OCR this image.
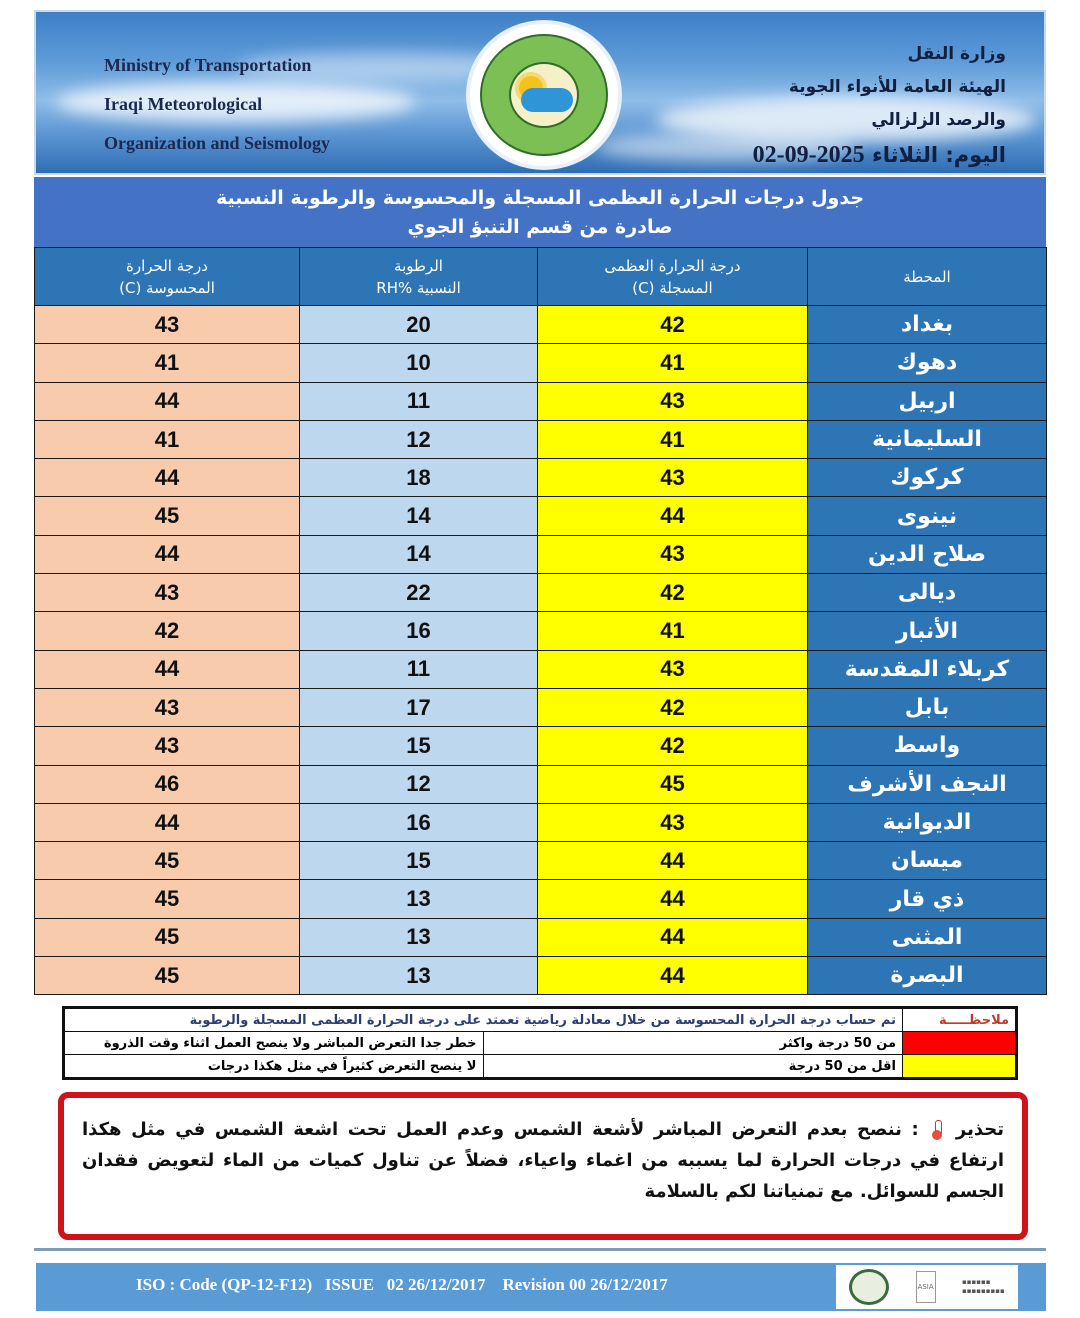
Ministry of Transportation
Iraqi Meteorological
Organization and Seismology
وزارة النقل
الهيئة العامة للأنواء الجوية
والرصد الزلزالي
اليوم: الثلاثاء 2025-09-02
جدول درجات الحرارة العظمى المسجلة والمحسوسة والرطوبة النسبية
صادرة من قسم التنبؤ الجوي
المحطة	
درجة الحرارة العظمى
المسجلة (C)

الرطوبة
النسبية %RH

درجة الحرارة
المحسوسة (C)

بغداد	42	20	43
دهوك	41	10	41
اربيل	43	11	44
السليمانية	41	12	41
كركوك	43	18	44
نينوى	44	14	45
صلاح الدين	43	14	44
ديالى	42	22	43
الأنبار	41	16	42
كربلاء المقدسة	43	11	44
بابل	42	17	43
واسط	42	15	43
النجف الأشرف	45	12	46
الديوانية	43	16	44
ميسان	44	15	45
ذي قار	44	13	45
المثنى	44	13	45
البصرة	44	13	45
ملاحظـــــة	تم حساب درجة الحرارة المحسوسة من خلال معادلة رياضية تعمتد على درجة الحرارة العظمى المسجلة والرطوبة	
	من 50 درجة واكثر	خطر جدا التعرض المباشر ولا ينصح العمل اثناء وقت الذروة
	اقل من 50 درجة	لا ينصح التعرض كثيراً في مثل هكذا درجات
تحذير
: ننصح بعدم التعرض المباشر لأشعة الشمس وعدم العمل تحت اشعة الشمس في مثل هكذا ارتفاع في درجات الحرارة لما يسببه من اغماء واعياء، فضلاً عن تناول كميات من الماء لتعويض فقدان الجسم للسوائل. مع تمنياتنا لكم بالسلامة
ISO : Code (QP-12-F12)   ISSUE   02 26/12/2017    Revision 00 26/12/2017	ASIA
▪▪▪▪▪▪
▪▪▪▪▪▪▪▪▪
